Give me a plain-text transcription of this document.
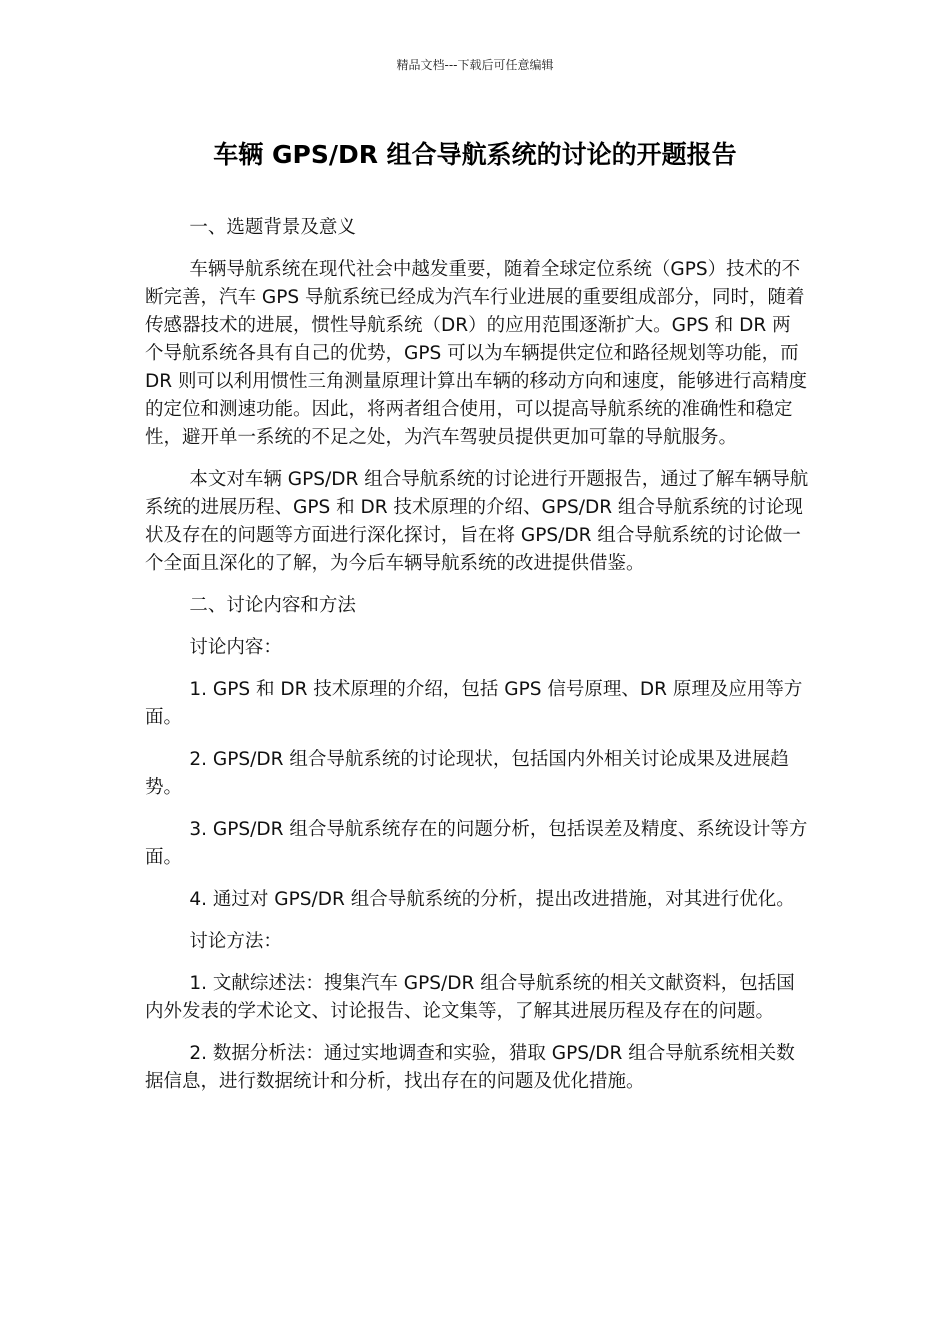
精品文档---下载后可任意编辑
车辆 GPS/DR 组合导航系统的讨论的开题报告

一、选题背景及意义

车辆导航系统在现代社会中越发重要，随着全球定位系统（GPS）技术的不断完善，汽车 GPS 导航系统已经成为汽车行业进展的重要组成部分，同时，随着传感器技术的进展，惯性导航系统（DR）的应用范围逐渐扩大。GPS 和 DR 两个导航系统各具有自己的优势，GPS 可以为车辆提供定位和路径规划等功能，而 DR 则可以利用惯性三角测量原理计算出车辆的移动方向和速度，能够进行高精度的定位和测速功能。因此，将两者组合使用，可以提高导航系统的准确性和稳定性，避开单一系统的不足之处，为汽车驾驶员提供更加可靠的导航服务。

本文对车辆 GPS/DR 组合导航系统的讨论进行开题报告，通过了解车辆导航系统的进展历程、GPS 和 DR 技术原理的介绍、GPS/DR 组合导航系统的讨论现状及存在的问题等方面进行深化探讨，旨在将 GPS/DR 组合导航系统的讨论做一个全面且深化的了解，为今后车辆导航系统的改进提供借鉴。

二、讨论内容和方法

讨论内容：

1. GPS 和 DR 技术原理的介绍，包括 GPS 信号原理、DR 原理及应用等方面。

2. GPS/DR 组合导航系统的讨论现状，包括国内外相关讨论成果及进展趋势。

3. GPS/DR 组合导航系统存在的问题分析，包括误差及精度、系统设计等方面。

4. 通过对 GPS/DR 组合导航系统的分析，提出改进措施，对其进行优化。

讨论方法：

1. 文献综述法：搜集汽车 GPS/DR 组合导航系统的相关文献资料，包括国内外发表的学术论文、讨论报告、论文集等，了解其进展历程及存在的问题。

2. 数据分析法：通过实地调查和实验，猎取 GPS/DR 组合导航系统相关数据信息，进行数据统计和分析，找出存在的问题及优化措施。
